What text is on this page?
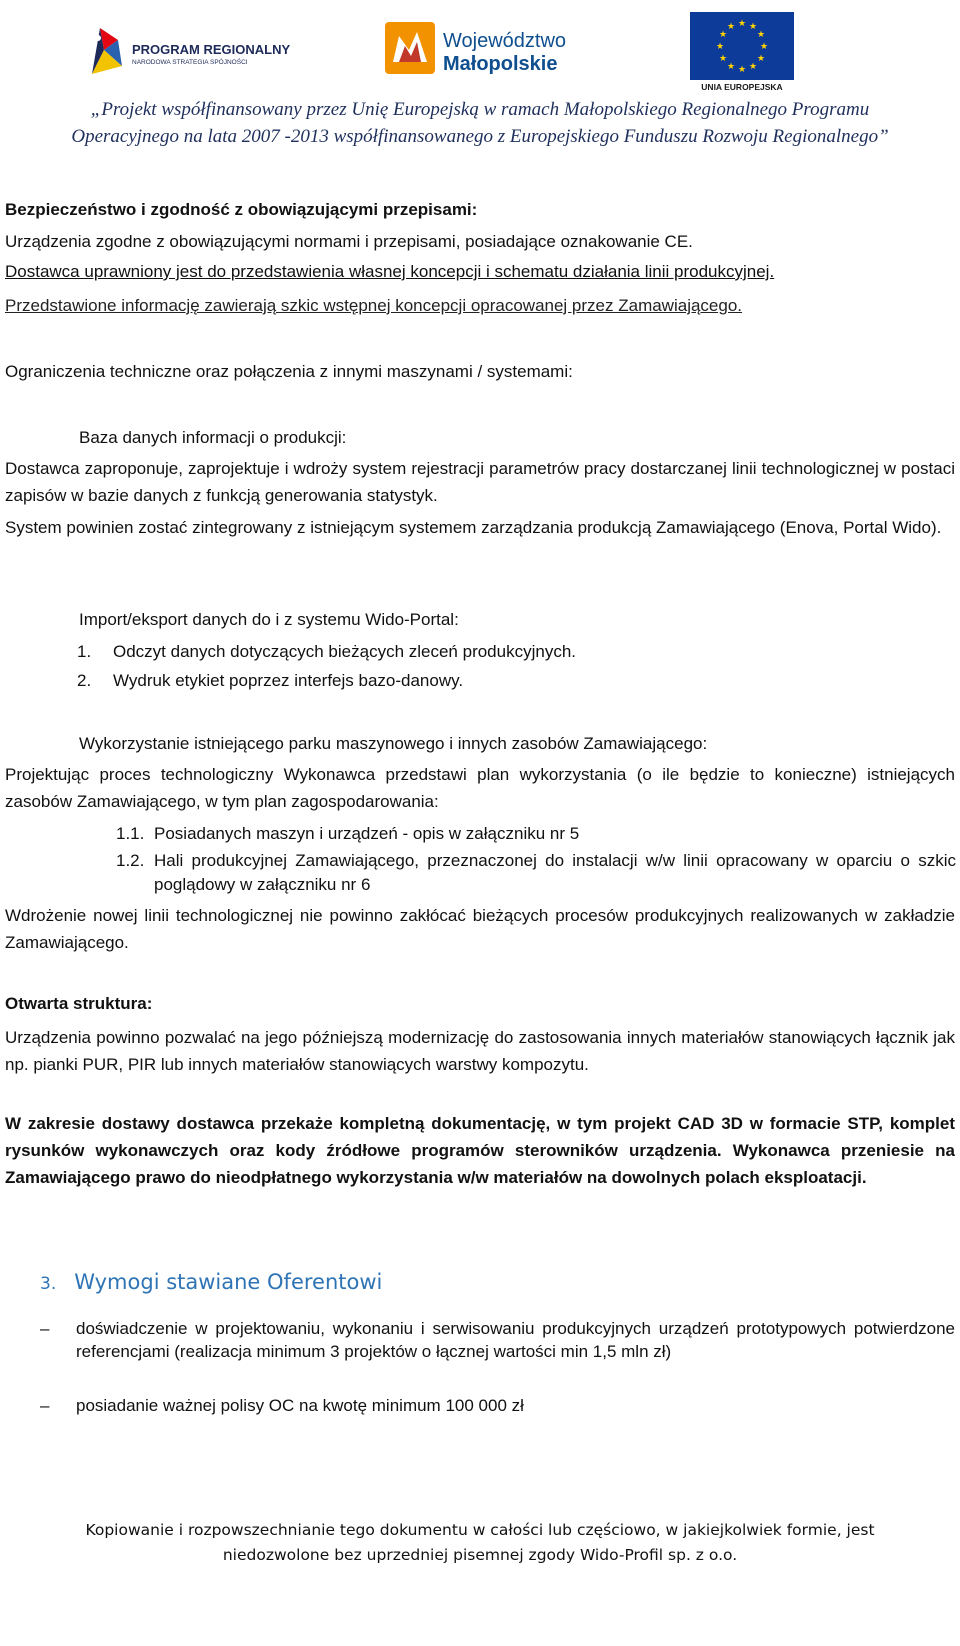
PROGRAM REGIONALNY
NARODOWA STRATEGIA SPÓJNOŚCI
Województwo
Małopolskie
★ ★
★
★
★
★
★
★
★
★
★
★
UNIA EUROPEJSKA
„Projekt współfinansowany przez Unię Europejską w ramach Małopolskiego Regionalnego Programu
Operacyjnego na lata 2007 -2013 współfinansowanego z Europejskiego Funduszu Rozwoju Regionalnego”
Bezpieczeństwo i zgodność z obowiązującymi przepisami:
Urządzenia zgodne z obowiązującymi normami i przepisami, posiadające oznakowanie CE.
Dostawca uprawniony jest do przedstawienia własnej koncepcji i schematu działania linii produkcyjnej.
Przedstawione informację zawierają szkic wstępnej koncepcji opracowanej przez Zamawiającego.
Ograniczenia techniczne oraz połączenia z innymi maszynami / systemami:
Baza danych informacji o produkcji:
Dostawca zaproponuje, zaprojektuje i wdroży system rejestracji parametrów pracy dostarczanej linii technologicznej w postaci zapisów w bazie danych z funkcją generowania statystyk.
System powinien zostać zintegrowany z istniejącym systemem zarządzania produkcją Zamawiającego (Enova, Portal Wido).
Import/eksport danych do i z systemu Wido-Portal:
1.	Odczyt danych dotyczących bieżących zleceń produkcyjnych.
2.	Wydruk etykiet poprzez interfejs bazo-danowy.
Wykorzystanie istniejącego parku maszynowego i innych zasobów Zamawiającego:
Projektując proces technologiczny Wykonawca przedstawi plan wykorzystania (o ile będzie to konieczne) istniejących zasobów Zamawiającego, w tym plan zagospodarowania:
1.1. Posiadanych maszyn i urządzeń - opis w załączniku nr 5
1.2. Hali produkcyjnej Zamawiającego, przeznaczonej do instalacji w/w linii opracowany w oparciu o szkic poglądowy w załączniku nr 6
Wdrożenie nowej linii technologicznej nie powinno zakłócać bieżących procesów produkcyjnych realizowanych w zakładzie Zamawiającego.
Otwarta struktura:
Urządzenia powinno pozwalać na jego późniejszą modernizację do zastosowania innych materiałów stanowiących łącznik jak np. pianki PUR, PIR lub innych materiałów stanowiących warstwy kompozytu.
W zakresie dostawy dostawca przekaże kompletną dokumentację, w tym projekt CAD 3D w formacie STP, komplet rysunków wykonawczych oraz kody źródłowe programów sterowników urządzenia. Wykonawca przeniesie na Zamawiającego prawo do nieodpłatnego wykorzystania w/w materiałów na dowolnych polach eksploatacji.
3. Wymogi stawiane Oferentowi
–	doświadczenie w projektowaniu, wykonaniu i serwisowaniu produkcyjnych urządzeń prototypowych potwierdzone referencjami (realizacja minimum 3 projektów o łącznej wartości min 1,5 mln zł)
–	posiadanie ważnej polisy OC na kwotę minimum 100 000 zł
Kopiowanie i rozpowszechnianie tego dokumentu w całości lub częściowo, w jakiejkolwiek formie, jest
niedozwolone bez uprzedniej pisemnej zgody Wido-Profil sp. z o.o.
